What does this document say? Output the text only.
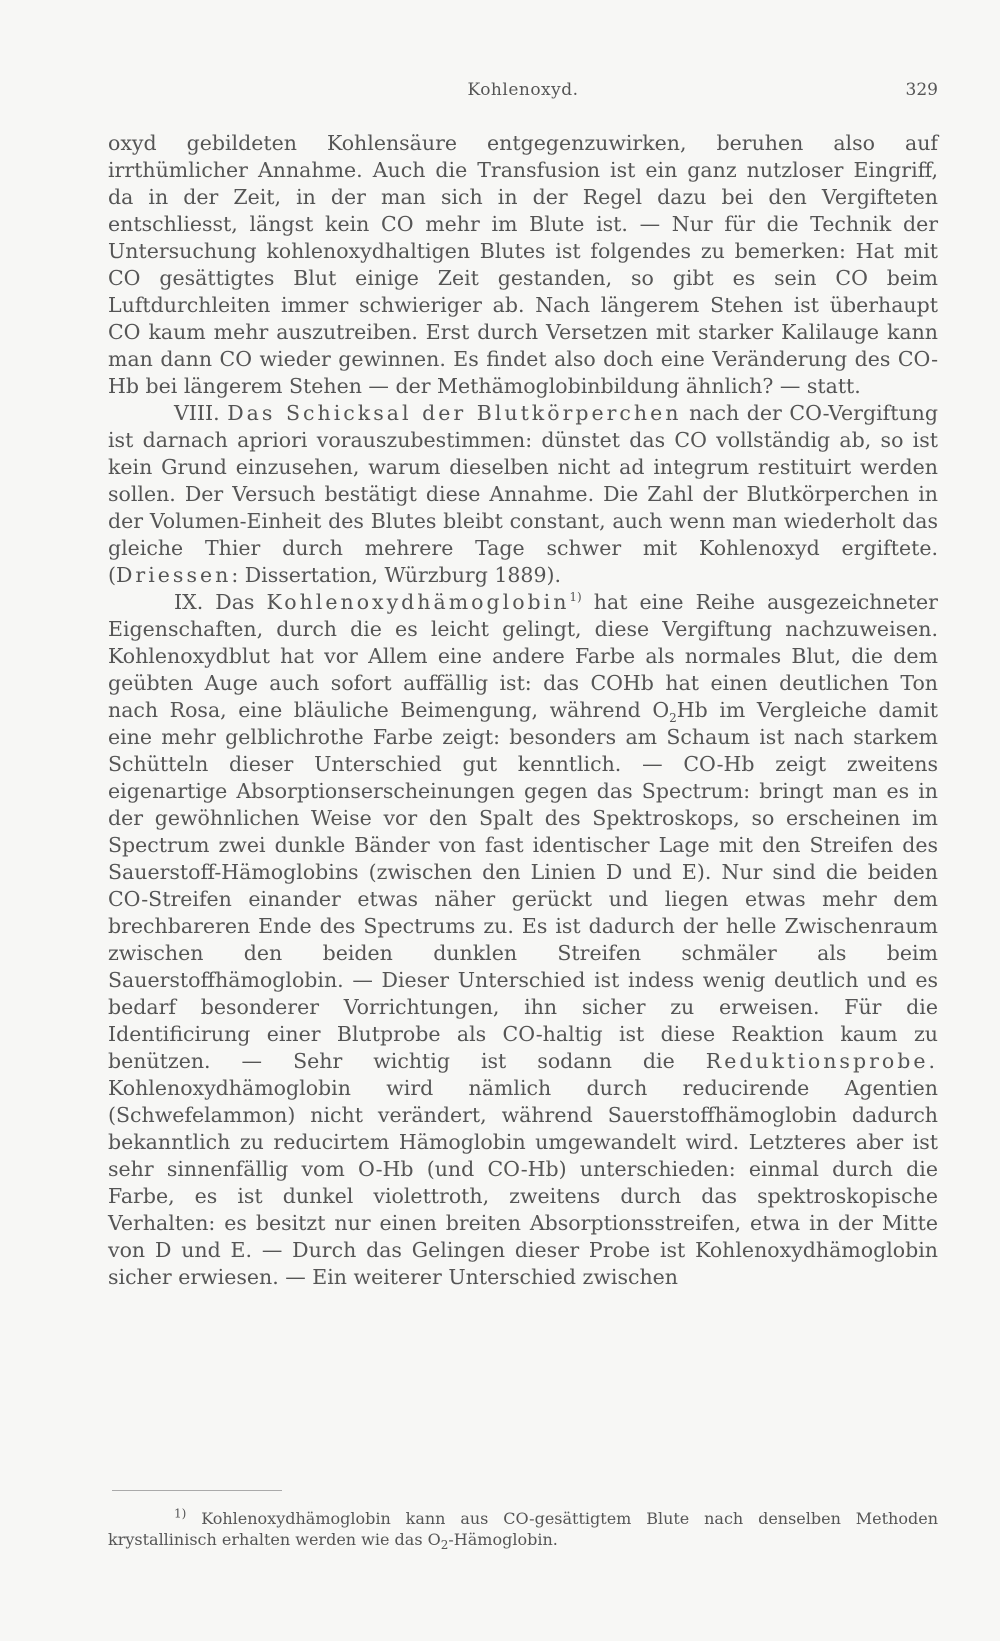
Kohlenoxyd.	329

oxyd gebildeten Kohlensäure entgegenzuwirken, beruhen also auf irrthümlicher Annahme. Auch die Transfusion ist ein ganz nutzloser Eingriff, da in der Zeit, in der man sich in der Regel dazu bei den Vergifteten entschliesst, längst kein CO mehr im Blute ist. — Nur für die Technik der Untersuchung kohlenoxydhaltigen Blutes ist folgendes zu bemerken: Hat mit CO gesättigtes Blut einige Zeit gestanden, so gibt es sein CO beim Luftdurchleiten immer schwieriger ab. Nach längerem Stehen ist überhaupt CO kaum mehr auszutreiben. Erst durch Versetzen mit starker Kalilauge kann man dann CO wieder gewinnen. Es findet also doch eine Veränderung des CO-Hb bei längerem Stehen — der Methämoglobinbildung ähnlich? — statt.

VIII. Das Schicksal der Blutkörperchen nach der CO-Vergiftung ist darnach apriori vorauszubestimmen: dünstet das CO vollständig ab, so ist kein Grund einzusehen, warum dieselben nicht ad integrum restituirt werden sollen. Der Versuch bestätigt diese Annahme. Die Zahl der Blutkörperchen in der Volumen-Einheit des Blutes bleibt constant, auch wenn man wiederholt das gleiche Thier durch mehrere Tage schwer mit Kohlenoxyd ergiftete. (Driessen: Dissertation, Würzburg 1889).

IX. Das Kohlenoxydhämoglobin$^{1)}$ hat eine Reihe ausgezeichneter Eigenschaften, durch die es leicht gelingt, diese Vergiftung nachzuweisen. Kohlenoxydblut hat vor Allem eine andere Farbe als normales Blut, die dem geübten Auge auch sofort auffällig ist: das COHb hat einen deutlichen Ton nach Rosa, eine bläuliche Beimengung, während $O_2Hb$ im Vergleiche damit eine mehr gelblichrothe Farbe zeigt: besonders am Schaum ist nach starkem Schütteln dieser Unterschied gut kenntlich. — CO-Hb zeigt zweitens eigenartige Absorptionserscheinungen gegen das Spectrum: bringt man es in der gewöhnlichen Weise vor den Spalt des Spektroskops, so erscheinen im Spectrum zwei dunkle Bänder von fast identischer Lage mit den Streifen des Sauerstoff-Hämoglobins (zwischen den Linien D und E). Nur sind die beiden CO-Streifen einander etwas näher gerückt und liegen etwas mehr dem brechbareren Ende des Spectrums zu. Es ist dadurch der helle Zwischenraum zwischen den beiden dunklen Streifen schmäler als beim Sauerstoffhämoglobin. — Dieser Unterschied ist indess wenig deutlich und es bedarf besonderer Vorrichtungen, ihn sicher zu erweisen. Für die Identificirung einer Blutprobe als CO-haltig ist diese Reaktion kaum zu benützen. — Sehr wichtig ist sodann die Reduktionsprobe. Kohlenoxydhämoglobin wird nämlich durch reducirende Agentien (Schwefelammon) nicht verändert, während Sauerstoffhämoglobin dadurch bekanntlich zu reducirtem Hämoglobin umgewandelt wird. Letzteres aber ist sehr sinnenfällig vom O-Hb (und CO-Hb) unterschieden: einmal durch die Farbe, es ist dunkel violettroth, zweitens durch das spektroskopische Verhalten: es besitzt nur einen breiten Absorptionsstreifen, etwa in der Mitte von D und E. — Durch das Gelingen dieser Probe ist Kohlenoxydhämoglobin sicher erwiesen. — Ein weiterer Unterschied zwischen

$^{1)}$ Kohlenoxydhämoglobin kann aus CO-gesättigtem Blute nach denselben Methoden krystallinisch erhalten werden wie das $O_2$-Hämoglobin.
